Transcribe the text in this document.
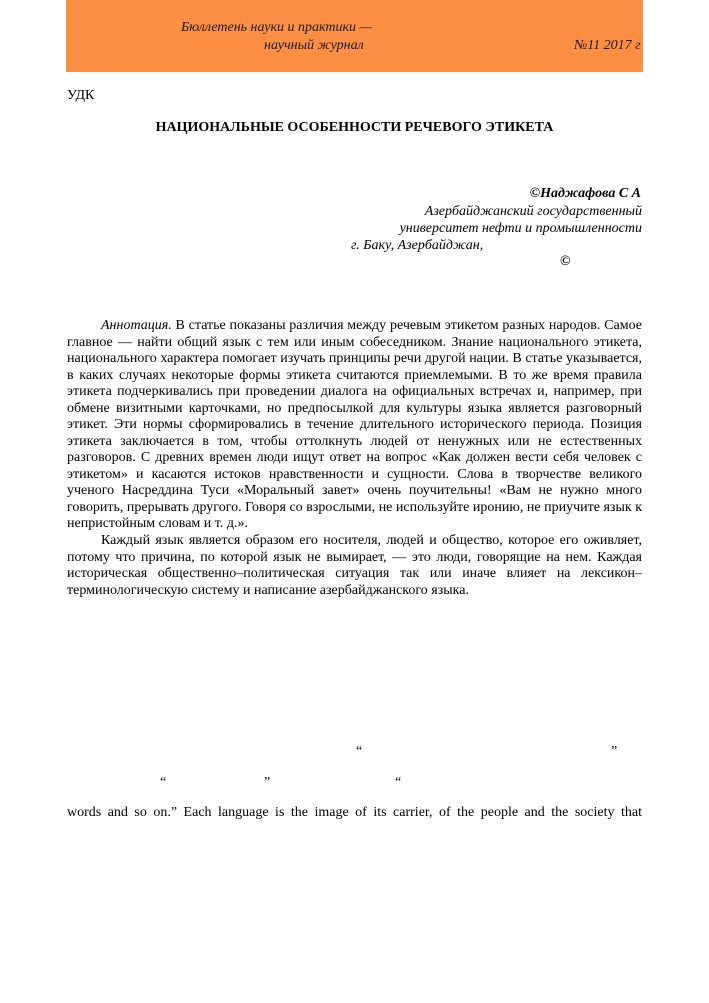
Бюллетень науки и практики —
научный журнал	№11 2017 г
УДК
НАЦИОНАЛЬНЫЕ ОСОБЕННОСТИ РЕЧЕВОГО ЭТИКЕТА
©Наджафова С А
Азербайджанский государственный
университет нефти и промышленности
г. Баку, Азербайджан,
©
Аннотация. В статье показаны различия между речевым этикетом разных народов. Самое главное — найти общий язык с тем или иным собеседником. Знание национального этикета, национального характера помогает изучать принципы речи другой нации. В статье указывается, в каких случаях некоторые формы этикета считаются приемлемыми. В то же время правила этикета подчеркивались при проведении диалога на официальных встречах и, например, при обмене визитными карточками, но предпосылкой для культуры языка является разговорный этикет. Эти нормы сформировались в течение длительного исторического периода. Позиция этикета заключается в том, чтобы оттолкнуть людей от ненужных или не естественных разговоров. С древних времен люди ищут ответ на вопрос «Как должен вести себя человек с этикетом» и касаются истоков нравственности и сущности. Слова в творчестве великого ученого Насреддина Туси «Моральный завет» очень поучительны! «Вам не нужно много говорить, прерывать другого. Говоря со взрослыми, не используйте иронию, не приучите язык к непристойным словам и т. д.».
Каждый язык является образом его носителя, людей и общество, которое его оживляет, потому что причина, по которой язык не вымирает, — это люди, говорящие на нем. Каждая историческая общественно–политическая ситуация так или иначе влияет на лексикон–терминологическую систему и написание азербайджанского языка.
“	”
“	”	“
words and so on.” Each language is the image of its carrier, of the people and the society that
